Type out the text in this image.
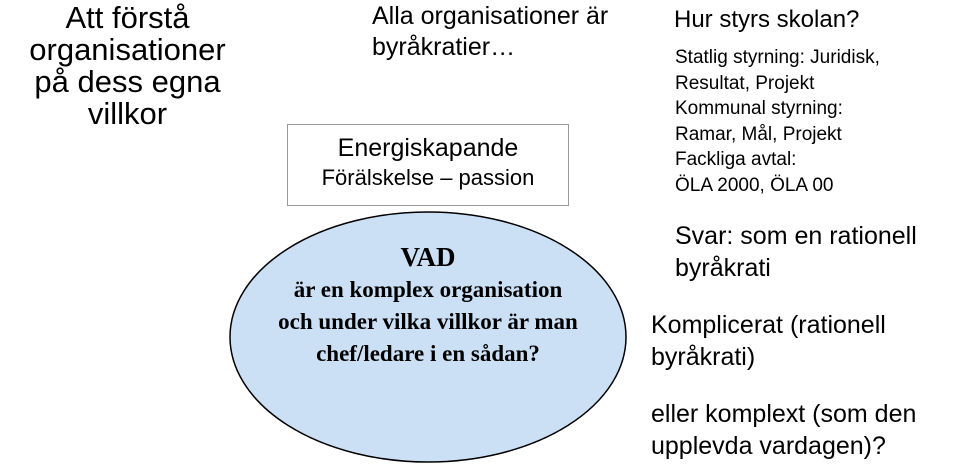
Att förstå
organisationer
på dess egna
villkor
Alla organisationer är
byråkratier…
Energiskapande
Förälskelse – passion
VAD
är en komplex organisation
och under vilka villkor är man
chef/ledare i en sådan?
Hur styrs skolan?
Statlig styrning: Juridisk,
Resultat, Projekt
Kommunal styrning:
Ramar, Mål, Projekt
Fackliga avtal:
ÖLA 2000, ÖLA 00
Svar: som en rationell
byråkrati
Komplicerat (rationell
byråkrati)
eller komplext (som den
upplevda vardagen)?
